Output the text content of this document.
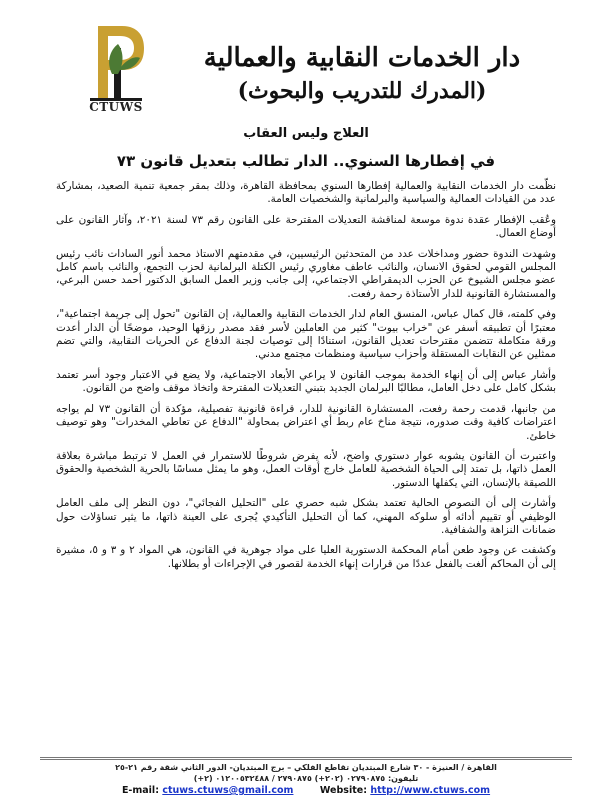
CTUWS
دار الخدمات النقابية والعمالية
(المدرك للتدريب والبحوث)
العلاج وليس العقاب
في إفطارها السنوي.. الدار تطالب بتعديل قانون ٧٣

نظّمت دار الخدمات النقابية والعمالية إفطارها السنوي بمحافظة القاهرة، وذلك بمقر جمعية تنمية الصعيد، بمشاركة عدد من القيادات العمالية والسياسية والبرلمانية والشخصيات العامة.

وعُقب الإفطار عقدة ندوة موسعة لمناقشة التعديلات المقترحة على القانون رقم ٧٣ لسنة ٢٠٢١، وآثار القانون على أوضاع العمال.

وشهدت الندوة حضور ومداخلات عدد من المتحدثين الرئيسيين، في مقدمتهم الاستاذ محمد أنور السادات نائب رئيس المجلس القومي لحقوق الانسان، والنائب عاطف مغاوري رئيس الكتلة البرلمانية لحزب التجمع، والنائب باسم كامل عضو مجلس الشيوخ عن الحزب الديمقراطي الاجتماعي، إلى جانب وزير العمل السابق الدكتور أحمد حسن البرعي، والمستشارة القانونية للدار الأستاذة رحمة رفعت.

وفي كلمته، قال كمال عباس، المنسق العام لدار الخدمات النقابية والعمالية، إن القانون "تحول إلى جريمة اجتماعية"، معتبرًا أن تطبيقه أسفر عن "خراب بيوت" كثير من العاملين لأسر فقد مصدر رزقها الوحيد، موضحًا أن الدار أعدت ورقة متكاملة تتضمن مقترحات تعديل القانون، استنادًا إلى توصيات لجنة الدفاع عن الحريات النقابية، والتي تضم ممثلين عن النقابات المستقلة وأحزاب سياسية ومنظمات مجتمع مدني.

وأشار عباس إلى أن إنهاء الخدمة بموجب القانون لا يراعي الأبعاد الاجتماعية، ولا يضع في الاعتبار وجود أسر تعتمد بشكل كامل على دخل العامل، مطالبًا البرلمان الجديد بتبني التعديلات المقترحة واتخاذ موقف واضح من القانون.

من جانبها، قدمت رحمة رفعت، المستشارة القانونية للدار، قراءة قانونية تفصيلية، مؤكدة أن القانون ٧٣ لم يواجه اعتراضات كافية وقت صدوره، نتيجة مناخ عام ربط أي اعتراض بمحاولة "الدفاع عن تعاطي المخدرات" وهو توصيف خاطئ.

واعتبرت أن القانون يشوبه عوار دستوري واضح، لأنه يفرض شروطًا للاستمرار في العمل لا ترتبط مباشرة بعلاقة العمل ذاتها، بل تمتد إلى الحياة الشخصية للعامل خارج أوقات العمل، وهو ما يمثل مساسًا بالحرية الشخصية والحقوق اللصيقة بالإنسان، التي يكفلها الدستور.

وأشارت إلى أن النصوص الحالية تعتمد بشكل شبه حصري على "التحليل الفجائي"، دون النظر إلى ملف العامل الوظيفي أو تقييم أدائه أو سلوكه المهني، كما أن التحليل التأكيدي يُجرى على العينة ذاتها، ما يثير تساؤلات حول ضمانات النزاهة والشفافية.

وكشفت عن وجود طعن أمام المحكمة الدستورية العليا على مواد جوهرية في القانون، هي المواد ٢ و ٣ و ٥، مشيرة إلى أن المحاكم ألغت بالفعل عددًا من قرارات إنهاء الخدمة لقصور في الإجراءات أو بطلانها.

القاهرة / العنيزة - ٣٠ شارع المبتديان تقاطع الفلكي – برج المبتديان- الدور الثاني شقة رقم ٢١-٢٥
تليفون: ٠٢٧٩٠٨٧٥ (٢٠٢+) ٢٧٩٠٨٧٥ / ٠١٢٠٠٥٣٢٤٨٨ (٢+)
E-mail: ctuws.ctuws@gmail.com	Website: http://www.ctuws.com
